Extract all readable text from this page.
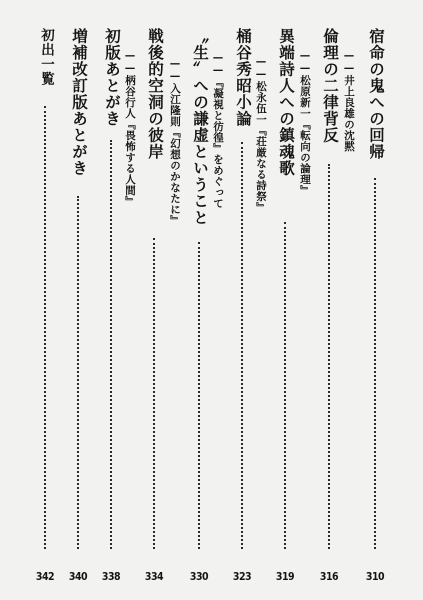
宿命の鬼への回帰
310
——井上良雄の沈黙
倫理の二律背反
316
——松原新一『転向の論理』
異端詩人への鎮魂歌
319
——松永伍一『荘厳なる詩祭』
桶谷秀昭小論
323
——『凝視と彷徨』をめぐって
〝生〟への謙虚ということ
330
——入江隆則『幻想のかなたに』
戦後的空洞の彼岸
334
——柄谷行人『畏怖する人間』
初版あとがき
338
増補改訂版あとがき
340
初出一覧
342
